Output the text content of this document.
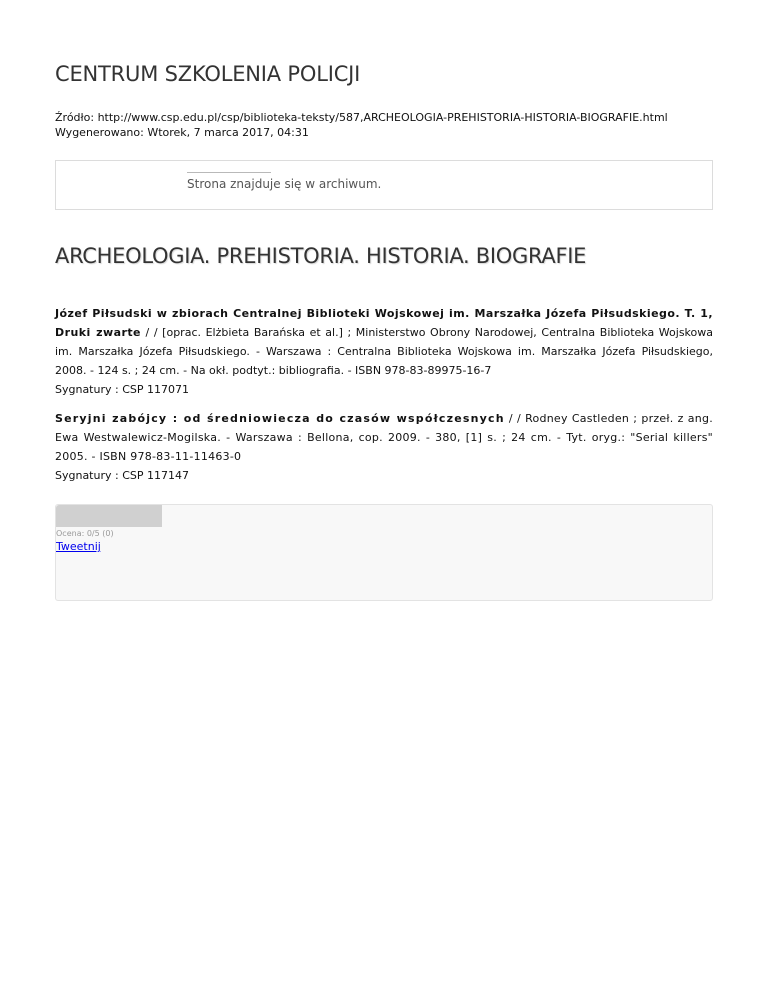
CENTRUM SZKOLENIA POLICJI
Źródło: http://www.csp.edu.pl/csp/biblioteka-teksty/587,ARCHEOLOGIA-PREHISTORIA-HISTORIA-BIOGRAFIE.html
Wygenerowano: Wtorek, 7 marca 2017, 04:31
Strona znajduje się w archiwum.
ARCHEOLOGIA. PREHISTORIA. HISTORIA. BIOGRAFIE

Józef Piłsudski w zbiorach Centralnej Biblioteki Wojskowej im. Marszałka Józefa Piłsudskiego. T. 1, Druki zwarte / / [oprac. Elżbieta Barańska et al.] ; Ministerstwo Obrony Narodowej, Centralna Biblioteka Wojskowa im. Marszałka Józefa Piłsudskiego. - Warszawa : Centralna Biblioteka Wojskowa im. Marszałka Józefa Piłsudskiego, 2008. - 124 s. ; 24 cm. - Na okł. podtyt.: bibliografia. - ISBN 978-83-89975-16-7

Sygnatury : CSP 117071

Seryjni zabójcy : od średniowiecza do czasów współczesnych / / Rodney Castleden ; przeł. z ang. Ewa Westwalewicz-Mogilska. - Warszawa : Bellona, cop. 2009. - 380, [1] s. ; 24 cm. - Tyt. oryg.: "Serial killers" 2005. - ISBN 978-83-11-11463-0

Sygnatury : CSP 117147
Ocena: 0/5 (0)
Tweetnij
